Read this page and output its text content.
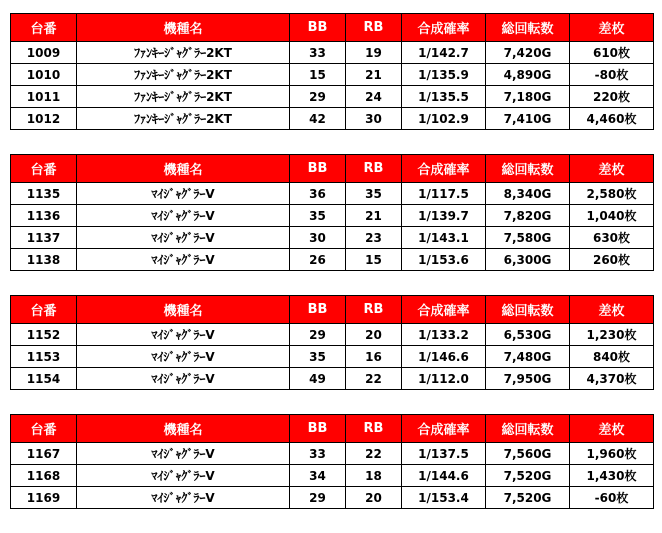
台番	機種名	BB	RB	合成確率	総回転数	差枚
1009	ﾌｧﾝｷｰｼﾞｬｸﾞﾗｰ2KT	33	19	1/142.7	7,420G	610枚
1010	ﾌｧﾝｷｰｼﾞｬｸﾞﾗｰ2KT	15	21	1/135.9	4,890G	-80枚
1011	ﾌｧﾝｷｰｼﾞｬｸﾞﾗｰ2KT	29	24	1/135.5	7,180G	220枚
1012	ﾌｧﾝｷｰｼﾞｬｸﾞﾗｰ2KT	42	30	1/102.9	7,410G	4,460枚
台番	機種名	BB	RB	合成確率	総回転数	差枚
1135	ﾏｲｼﾞｬｸﾞﾗｰV	36	35	1/117.5	8,340G	2,580枚
1136	ﾏｲｼﾞｬｸﾞﾗｰV	35	21	1/139.7	7,820G	1,040枚
1137	ﾏｲｼﾞｬｸﾞﾗｰV	30	23	1/143.1	7,580G	630枚
1138	ﾏｲｼﾞｬｸﾞﾗｰV	26	15	1/153.6	6,300G	260枚
台番	機種名	BB	RB	合成確率	総回転数	差枚
1152	ﾏｲｼﾞｬｸﾞﾗｰV	29	20	1/133.2	6,530G	1,230枚
1153	ﾏｲｼﾞｬｸﾞﾗｰV	35	16	1/146.6	7,480G	840枚
1154	ﾏｲｼﾞｬｸﾞﾗｰV	49	22	1/112.0	7,950G	4,370枚
台番	機種名	BB	RB	合成確率	総回転数	差枚
1167	ﾏｲｼﾞｬｸﾞﾗｰV	33	22	1/137.5	7,560G	1,960枚
1168	ﾏｲｼﾞｬｸﾞﾗｰV	34	18	1/144.6	7,520G	1,430枚
1169	ﾏｲｼﾞｬｸﾞﾗｰV	29	20	1/153.4	7,520G	-60枚
